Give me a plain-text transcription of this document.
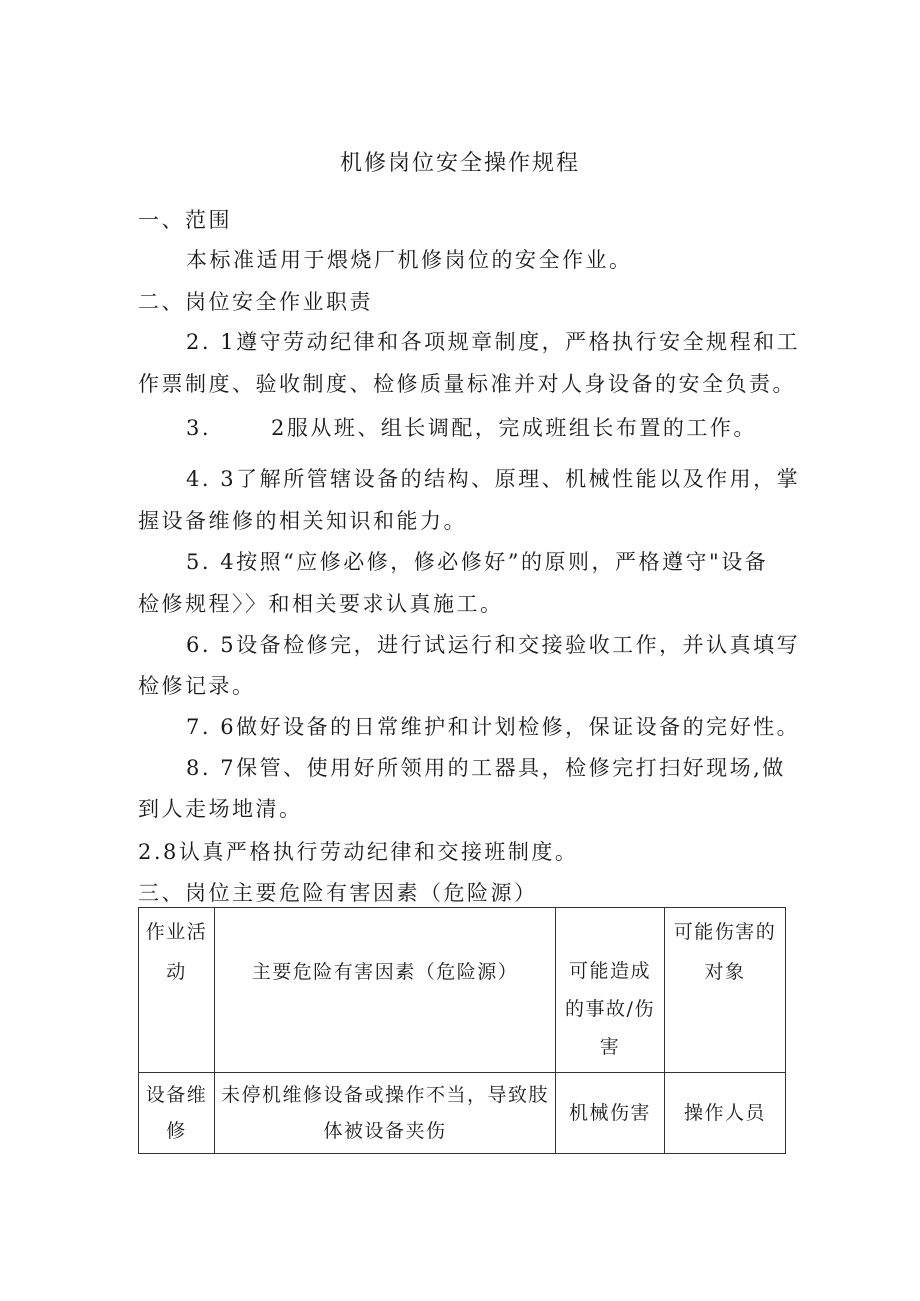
机修岗位安全操作规程

一、范围

本标准适用于煨烧厂机修岗位的安全作业。

二、岗位安全作业职责

2. 1遵守劳动纪律和各项规章制度，严格执行安全规程和工

作票制度、验收制度、检修质量标准并对人身设备的安全负责。

3.	2服从班、组长调配，完成班组长布置的工作。

4. 3了解所管辖设备的结构、原理、机械性能以及作用，掌

握设备维修的相关知识和能力。

5. 4按照“应修必修，修必修好”的原则，严格遵守"设备

检修规程〉〉和相关要求认真施工。

6. 5设备检修完，进行试运行和交接验收工作，并认真填写

检修记录。

7. 6做好设备的日常维护和计划检修，保证设备的完好性。

8. 7保管、使用好所领用的工器具，检修完打扫好现场,做

到人走场地清。

2.8认真严格执行劳动纪律和交接班制度。

三、岗位主要危险有害因素（危险源）

作业活动	主要危险有害因素（危险源）	可能造成的事故/伤害	可能伤害的对象
设备维修	未停机维修设备或操作不当，导致肢体被设备夹伤	机械伤害	操作人员
